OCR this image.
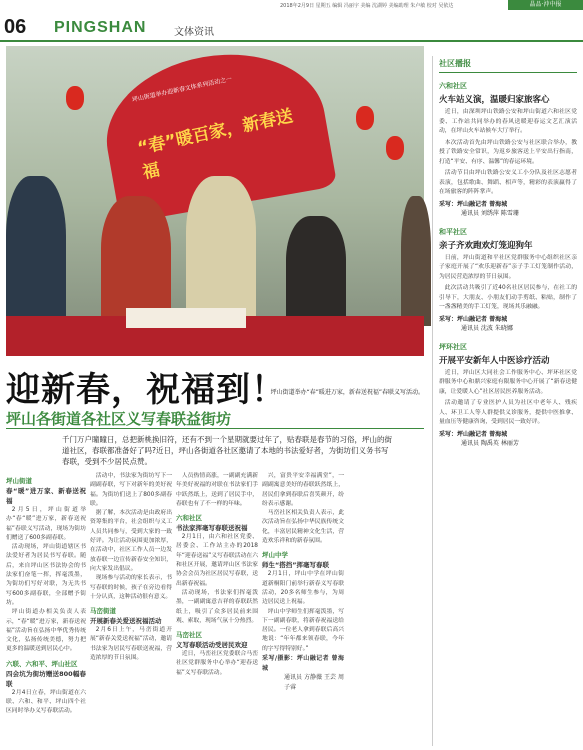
2018年2月9日 星期五 编辑 冯丽宇 美编 沈湖婷 美编助理 朱卢敏 校对 吴依达	晶品·沖中报
06 PINGSHAN	文体资讯
坪山街道举办迎新春文体系列活动之一
“春”暖百家，新春送福
坪山街道举办“春”暖进万家，新春送祝福”春联义写活动。
迎新春，祝福到！
坪山各街道各社区义写春联益街坊
千门万户瞳瞳日，总把新桃换旧符，还有不到一个星期就要过年了，贴春联是春节的习俗，坪山的街道社区，春联都准备好了吗?近日，坪山各街道各社区邀请了本地的书法爱好者，为街坊们义务书写春联，受到不少居民点赞。
坪山街道
春“暖”进万家、新春送祝福
2月5日，坪山街道举办“春“暖”进万家，新春送祝福”春联义写活动，现场为街坊们赠送了600多副春联。
活动现场，坪山街道辖区书法爱好者为居民书写春联。随后，来自坪山区书法协会的书法家们奋笔一挥，挥毫泼墨，为街坊们写好对联，为无共书写600多副春联，全部赠予街坊。
坪山街道办相关负责人表示，“春“暖”进万家，新春送祝福”活动旨在弘扬中华优秀传统文化，弘扬传统美德，努力把更多的温暖送到居民心中。
六联、六和平、坪山社区
四会坑为街坊赠送800幅春联
2月4日立春，坪山街道在六联、六和、和平、坪山四个社区同时举办义写春联活动。
活动中，书法家为街坊写下一副副春联，写下对新年的美好祝福。为街坊们送上了800多副春联。
据了解，本次活动是由政府出资筹集的平台，社会组织与义工人员共同参与，受到大家的一致好评。为让活动氛围更加浓厚，在活动中，社区工作人员一边发放春联一边宣传新春安全知识，向大家发出倡议。
现场参与活动的家长表示，书写春联的时候，孩子在旁边看得十分认真，这种活动很有意义。
马峦街道
开展新春关爱送祝福活动
2月6日上午，马峦街道开展“新春关爱送祝福”活动，邀请书法家为居民写春联送祝福，营造浓厚的节日氛围。
人员热情高涨，一副副充满新年美好祝福的对联在书法家们手中跃然纸上，送到了居民手中，春联也有了不一样的年味。
六和社区
书法家挥毫写春联送祝福
2月1日，由六和社区党委、居委会、工作站主办的2018年“迎春送福”义写春联活动在六和社区开展，邀请坪山区书法家协会会员为社区居民写春联，送出新春祝福。
活动现场，书法家们挥毫泼墨，一副副寓意吉祥的春联跃然纸上，吸引了众多居民前来围观、索取，现场气氛十分热烈。
马峦社区
义写春联活动受居民欢迎
近日，马峦社区党委联合马峦社区党群服务中心举办“迎春送福”义写春联活动。
兴，富贵平安幸福满堂”，一副副寓意美好的春联跃然纸上，居民们拿到春联后喜笑颜开，纷纷表示感谢。
马峦社区相关负责人表示，此次活动旨在弘扬中华民族传统文化，丰富居民精神文化生活，营造欢乐祥和的新春氛围。
坪山中学
师生“搭挡”挥毫写春联
2月1日，坪山中学在坪山街道新桐阳门前举行新春义写春联活动，20多名师生参与，为周边居民送上祝福。
坪山中学师生们挥毫泼墨，写下一副副春联，将新春祝福送给居民。一位老人拿到春联后高兴地说：“年年都来领春联，今年的字写得特别好。”
采写/摄影：坪山融记者 曾海城
通讯员 方静薇 王芸 周子睿
社区播报
六和社区
火车站义演，温暖归家旅客心

近日，由深圳坪山铁路公安和坪山街道六和社区党委、工作站共同举办的春风送暖迎春运文艺汇演活动，在坪山火车站候车大厅举行。

本次活动首先由坪山铁路公安与社区联合举办，教授了铁路安全常识，为返乡旅客送上平安出行指南，打造“平安、有序、温馨”的春运环境。

活动节目由坪山铁路公安义工小分队及社区志愿者表演，包括歌曲、舞蹈、相声等，精彩的表演赢得了在场旅客的阵阵掌声。

采写：坪山融记者 曾海城

通讯员 刘绣萍 陈雪珊

和平社区
亲子齐欢跑欢灯笼迎狗年

日前，坪山街道和平社区党群服务中心组织社区亲子家庭开展了“欢乐迎新春”亲子手工灯笼制作活动，为居民营造浓厚的节日氛围。

此次活动共吸引了近40名社区居民参与，在社工的引导下，大朋友、小朋友们动手剪纸、粘贴，制作了一盏盏精美的手工灯笼，现场其乐融融。

采写：坪山融记者 曾海城

通讯员 沈波 朱晓娜

坪环社区
开展平安新年人中医诊疗活动

近日，坪山区大同社会工作服务中心、坪环社区党群服务中心和鼎兴家庭有限服务中心开展了“新春送健康，让爱暖人心”社区居民医养服务活动。

活动邀请了专业医护人员为社区中老年人、残疾人、环卫工人等人群提供义诊服务，提供中医推拿、量血压等健康咨询，受到居民一致好评。

采写：坪山融记者 曾海城

通讯员 陶禹英 林丽芳
